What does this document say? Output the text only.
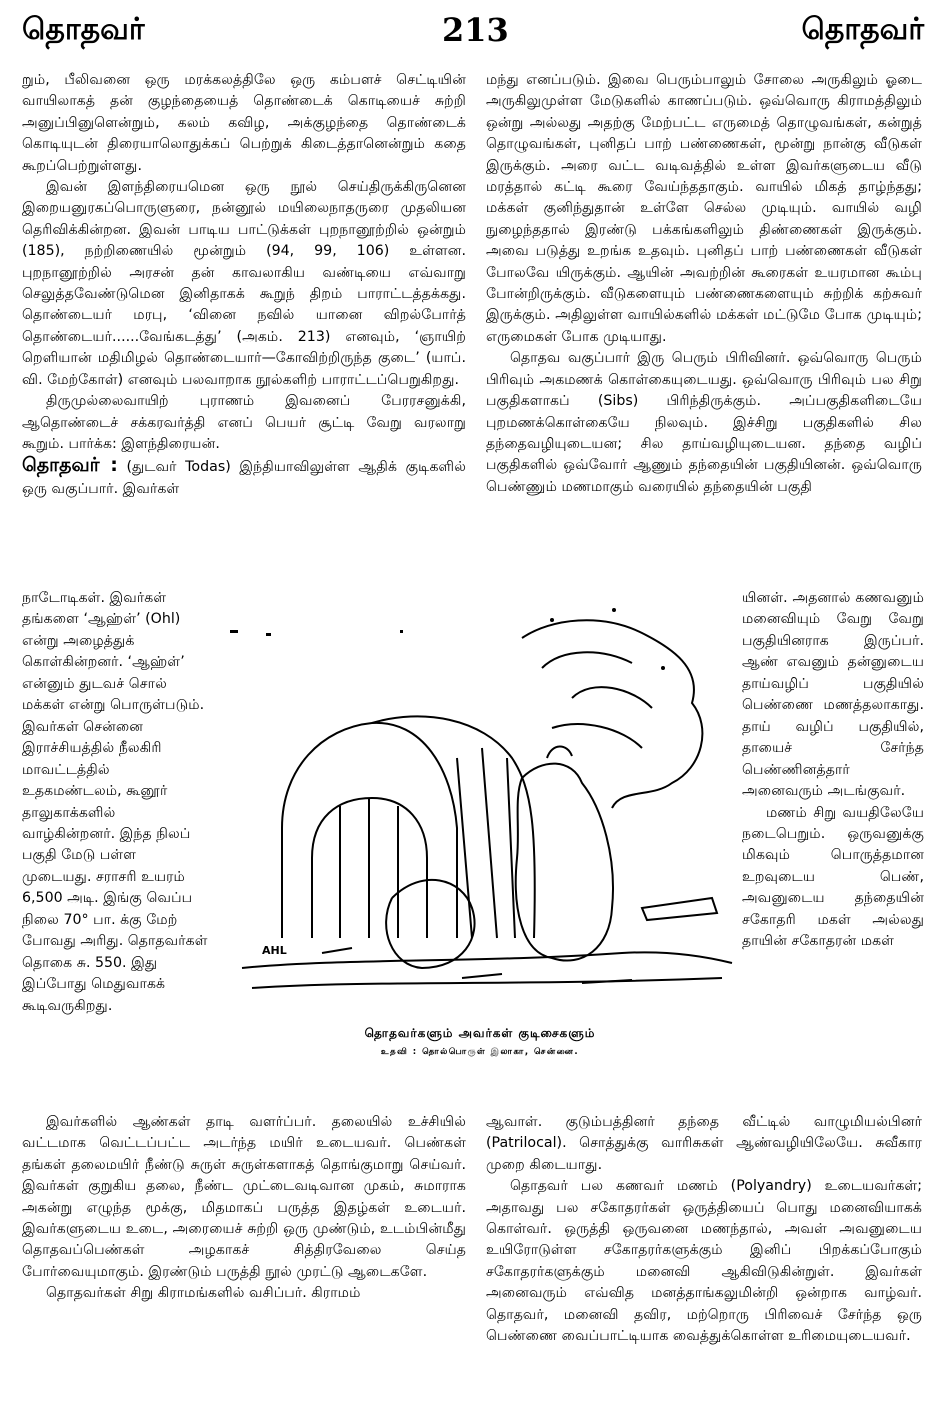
தொதவர்	213	தொதவர்

றும், பீலிவனை ஒரு மரக்கலத்திலே ஒரு கம்பளச் செட்டியின் வாயிலாகத் தன் குழந்தையைத் தொண்டைக் கொடியைச் சுற்றி அனுப்பினுளென்றும், கலம் கவிழ, அக்குழந்தை தொண்டைக் கொடியுடன் திரையாலொதுக்கப் பெற்றுக் கிடைத்தானென்றும் கதை கூறப்பெற்றுள்ளது.

இவன் இளந்திரையமென ஒரு நூல் செய்திருக்கிருனென இறையனுரகப்பொருளுரை, நன்னூல் மயிலைநாதருரை முதலியன தெரிவிக்கின்றன. இவன் பாடிய பாட்டுக்கள் புறநானூற்றில் ஒன்றும் (185), நற்றிணையில் மூன்றும் (94, 99, 106) உள்ளன. புறநானூற்றில் அரசன் தன் காவலாகிய வண்டியை எவ்வாறு செலுத்தவேண்டுமென இனிதாகக் கூறுந் திறம் பாராட்டத்தக்கது. தொண்டையர் மரபு, ‘வினை நவில் யானை விறல்போர்த் தொண்டையர்......வேங்கடத்து’ (அகம். 213) எனவும், ‘ஞாயிற் றெளியான் மதிமிழல் தொண்டையார்—கோவிற்றிருந்த குடை’ (யாப். வி. மேற்கோள்) எனவும் பலவாறாக நூல்களிற் பாராட்டப்பெறுகிறது.

திருமுல்லைவாயிற் புராணம் இவனைப் பேரரசனுக்கி, ஆதொண்டைச் சக்கரவர்த்தி எனப் பெயர் சூட்டி வேறு வரலாறு கூறும். பார்க்க: இளந்திரையன்.

தொதவர் : (துடவர் Todas) இந்தியாவிலுள்ள ஆதிக் குடிகளில் ஒரு வகுப்பார். இவர்கள்

மந்து எனப்படும். இவை பெரும்பாலும் சோலை அருகிலும் ஓடை அருகிலுமுள்ள மேடுகளில் காணப்படும். ஒவ்வொரு கிராமத்திலும் ஒன்று அல்லது அதற்கு மேற்பட்ட எருமைத் தொழுவங்கள், கன்றுத் தொழுவங்கள், புனிதப் பாற் பண்ணைகள், மூன்று நான்கு வீடுகள் இருக்கும். அரை வட்ட வடிவத்தில் உள்ள இவர்களுடைய வீடு மரத்தால் கட்டி கூரை வேய்ந்ததாகும். வாயில் மிகத் தாழ்ந்தது; மக்கள் குனிந்துதான் உள்ளே செல்ல முடியும். வாயில் வழி நுழைந்ததால் இரண்டு பக்கங்களிலும் திண்ணைகள் இருக்கும். அவை படுத்து உறங்க உதவும். புனிதப் பாற் பண்ணைகள் வீடுகள் போலவே யிருக்கும். ஆயின் அவற்றின் கூரைகள் உயரமான கூம்பு போன்றிருக்கும். வீடுகளையும் பண்ணைகளையும் சுற்றிக் கற்சுவர் இருக்கும். அதிலுள்ள வாயில்களில் மக்கள் மட்டுமே போக முடியும்; எருமைகள் போக முடியாது.

தொதவ வகுப்பார் இரு பெரும் பிரிவினர். ஒவ்வொரு பெரும் பிரிவும் அகமணக் கொள்கையுடையது. ஒவ்வொரு பிரிவும் பல சிறு பகுதிகளாகப் (Sibs) பிரிந்திருக்கும். அப்பகுதிகளிடையே புறமணக்கொள்கையே நிலவும். இச்சிறு பகுதிகளில் சில தந்தைவழியுடையன; சில தாய்வழியுடையன. தந்தை வழிப் பகுதிகளில் ஒவ்வோர் ஆணும் தந்தையின் பகுதியினன். ஒவ்வொரு பெண்ணும் மணமாகும் வரையில் தந்தையின் பகுதி

நாடோடிகள். இவர்கள் தங்களை ‘ஆஹ்ள்’ (Ohl) என்று அழைத்துக் கொள்கின்றனர். ‘ஆஹ்ள்’ என்னும் துடவச் சொல் மக்கள் என்று பொருள்படும். இவர்கள் சென்னை இராச்சியத்தில் நீலகிரி மாவட்டத்தில் உதகமண்டலம், கூனூர் தாலுகாக்களில் வாழ்கின்றனர். இந்த நிலப் பகுதி மேடு பள்ள முடையது. சராசரி உயரம் 6,500 அடி. இங்கு வெப்ப நிலை 70° பா. க்கு மேற் போவது அரிது. தொதவர்கள் தொகை சு. 550. இது இப்போது மெதுவாகக் கூடிவருகிறது.

யினள். அதனால் கணவனும் மனைவியும் வேறு வேறு பகுதியினராக இருப்பர். ஆண் எவனும் தன்னுடைய தாய்வழிப் பகுதியில் பெண்ணை மணத்தலாகாது. தாய் வழிப் பகுதியில், தாயைச் சேர்ந்த பெண்ணினத்தார் அனைவரும் அடங்குவர்.

மணம் சிறு வயதிலேயே நடைபெறும். ஒருவனுக்கு மிகவும் பொருத்தமான உறவுடைய பெண், அவனுடைய தந்தையின் சகோதரி மகள் அல்லது தாயின் சகோதரன் மகள்

AHL
தொதவர்களும் அவர்கள் குடிசைகளும்
உதவி : தொல்பொருள் இலாகா, சென்னை.

இவர்களில் ஆண்கள் தாடி வளர்ப்பர். தலையில் உச்சியில் வட்டமாக வெட்டப்பட்ட அடர்ந்த மயிர் உடையவர். பெண்கள் தங்கள் தலைமயிர் நீண்டு சுருள் சுருள்களாகத் தொங்குமாறு செய்வர். இவர்கள் குறுகிய தலை, நீண்ட முட்டைவடிவான முகம், சுமாராக அகன்று எழுந்த மூக்கு, மிதமாகப் பருத்த இதழ்கள் உடையர். இவர்களுடைய உடை, அரையைச் சுற்றி ஒரு முண்டும், உடம்பின்மீது தொதவப்பெண்கள் அழகாகச் சித்திரவேலை செய்த போர்வையுமாகும். இரண்டும் பருத்தி நூல் முரட்டு ஆடைகளே.

தொதவர்கள் சிறு கிராமங்களில் வசிப்பர். கிராமம்

ஆவாள். குடும்பத்தினர் தந்தை வீட்டில் வாழுமியல்பினர் (Patrilocal). சொத்துக்கு வாரிசுகள் ஆண்வழியிலேயே. சுவீகார முறை கிடையாது.

தொதவர் பல கணவர் மணம் (Polyandry) உடையவர்கள்; அதாவது பல சகோதரர்கள் ஒருத்தியைப் பொது மனைவியாகக் கொள்வர். ஒருத்தி ஒருவனை மணந்தால், அவள் அவனுடைய உயிரோடுள்ள சகோதரர்களுக்கும் இனிப் பிறக்கப்போகும் சகோதரர்களுக்கும் மனைவி ஆகிவிடுகின்றுள். இவர்கள் அனைவரும் எவ்வித மனத்தாங்கலுமின்றி ஒன்றாக வாழ்வர். தொதவர், மனைவி தவிர, மற்றொரு பிரிவைச் சேர்ந்த ஒரு பெண்ணை வைப்பாட்டியாக வைத்துக்கொள்ள உரிமையுடையவர்.
